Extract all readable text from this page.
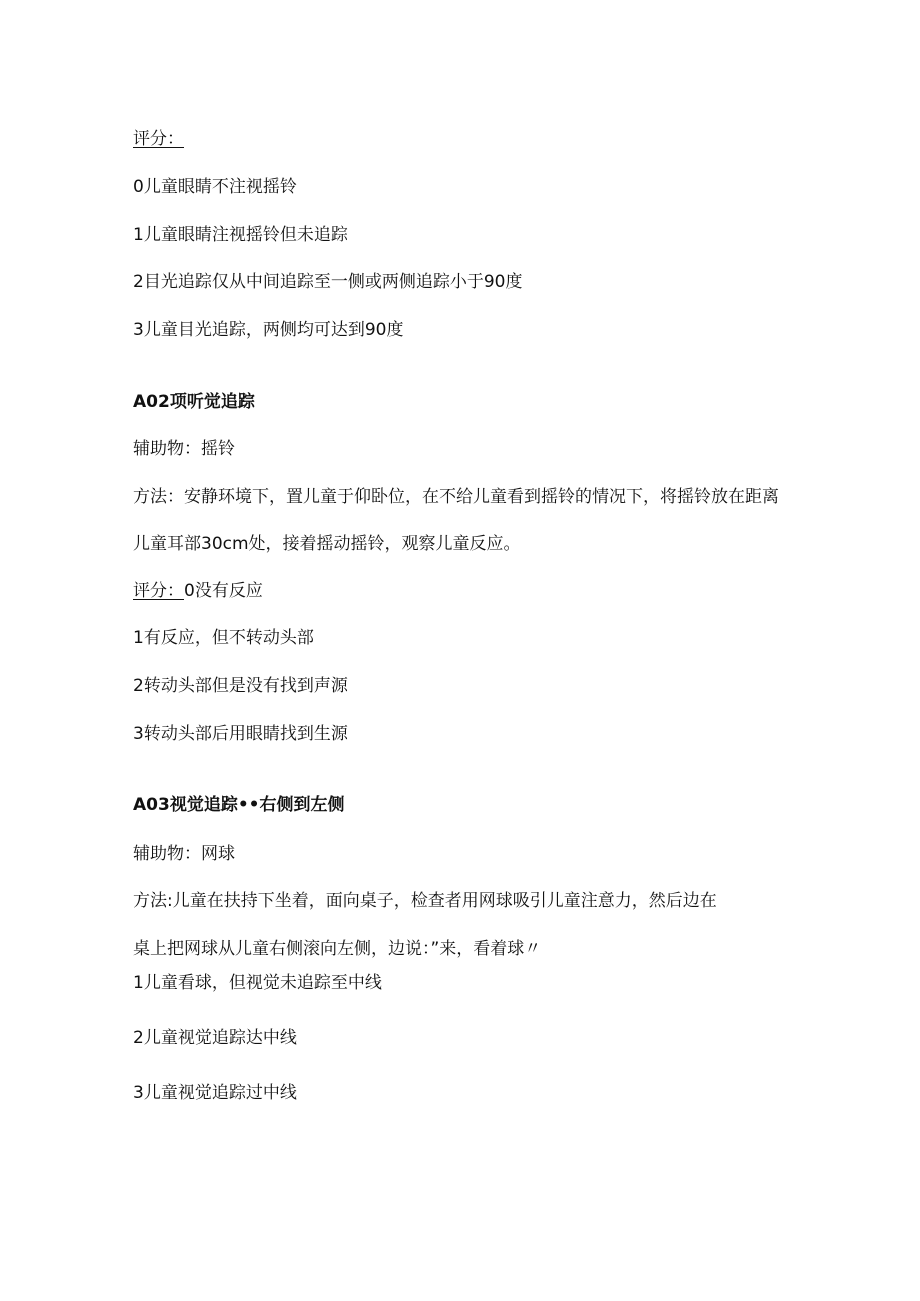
评分：
0儿童眼睛不注视摇铃
1儿童眼睛注视摇铃但未追踪
2目光追踪仅从中间追踪至一侧或两侧追踪小于90度
3儿童目光追踪，两侧均可达到90度
A02项听觉追踪
辅助物：摇铃
方法：安静环境下，置儿童于仰卧位，在不给儿童看到摇铃的情况下，将摇铃放在距离
儿童耳部30cm处，接着摇动摇铃，观察儿童反应。
评分：0没有反应
1有反应，但不转动头部
2转动头部但是没有找到声源
3转动头部后用眼睛找到生源
A03视觉追踪••右侧到左侧
辅助物：网球
方法:儿童在扶持下坐着，面向桌子，检查者用网球吸引儿童注意力，然后边在
桌上把网球从儿童右侧滚向左侧，边说：”来，看着球〃
1儿童看球，但视觉未追踪至中线
2儿童视觉追踪达中线
3儿童视觉追踪过中线
